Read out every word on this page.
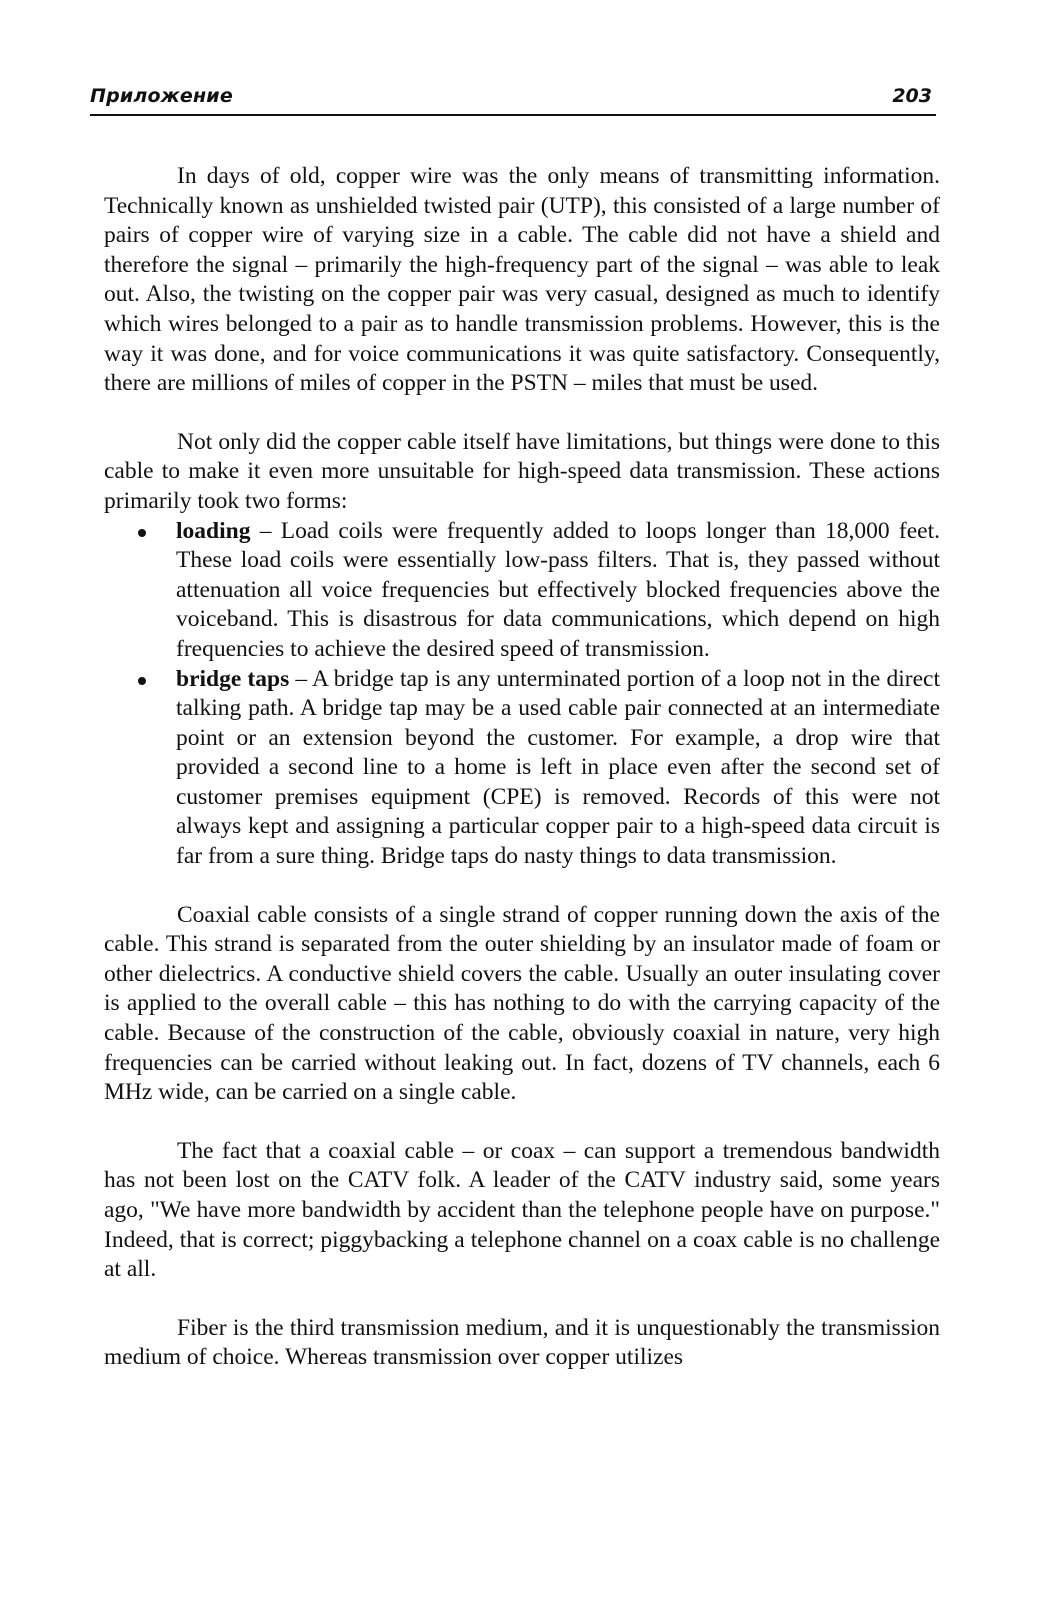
Приложение	203

In days of old, copper wire was the only means of transmitting information. Technically known as unshielded twisted pair (UTP), this consisted of a large number of pairs of copper wire of varying size in a cable. The cable did not have a shield and therefore the signal – primarily the high-frequency part of the signal – was able to leak out. Also, the twisting on the copper pair was very casual, designed as much to identify which wires belonged to a pair as to handle transmission problems. However, this is the way it was done, and for voice communications it was quite satisfactory. Consequently, there are millions of miles of copper in the PSTN – miles that must be used.

Not only did the copper cable itself have limitations, but things were done to this cable to make it even more unsuitable for high-speed data transmission. These actions primarily took two forms:

loading – Load coils were frequently added to loops longer than 18,000 feet. These load coils were essentially low-pass filters. That is, they passed without attenuation all voice frequencies but effectively blocked frequencies above the voiceband. This is disastrous for data communications, which depend on high frequencies to achieve the desired speed of transmission.
bridge taps – A bridge tap is any unterminated portion of a loop not in the direct talking path. A bridge tap may be a used cable pair connected at an intermediate point or an extension beyond the customer. For example, a drop wire that provided a second line to a home is left in place even after the second set of customer premises equipment (CPE) is removed. Records of this were not always kept and assigning a particular copper pair to a high-speed data circuit is far from a sure thing. Bridge taps do nasty things to data transmission.

Coaxial cable consists of a single strand of copper running down the axis of the cable. This strand is separated from the outer shielding by an insulator made of foam or other dielectrics. A conductive shield covers the cable. Usually an outer insulating cover is applied to the overall cable – this has nothing to do with the carrying capacity of the cable. Because of the construction of the cable, obviously coaxial in nature, very high frequencies can be carried without leaking out. In fact, dozens of TV channels, each 6 MHz wide, can be carried on a single cable.

The fact that a coaxial cable – or coax – can support a tremendous bandwidth has not been lost on the CATV folk. A leader of the CATV industry said, some years ago, "We have more bandwidth by accident than the telephone people have on purpose." Indeed, that is correct; piggybacking a telephone channel on a coax cable is no challenge at all.

Fiber is the third transmission medium, and it is unquestionably the transmission medium of choice. Whereas transmission over copper utilizes
